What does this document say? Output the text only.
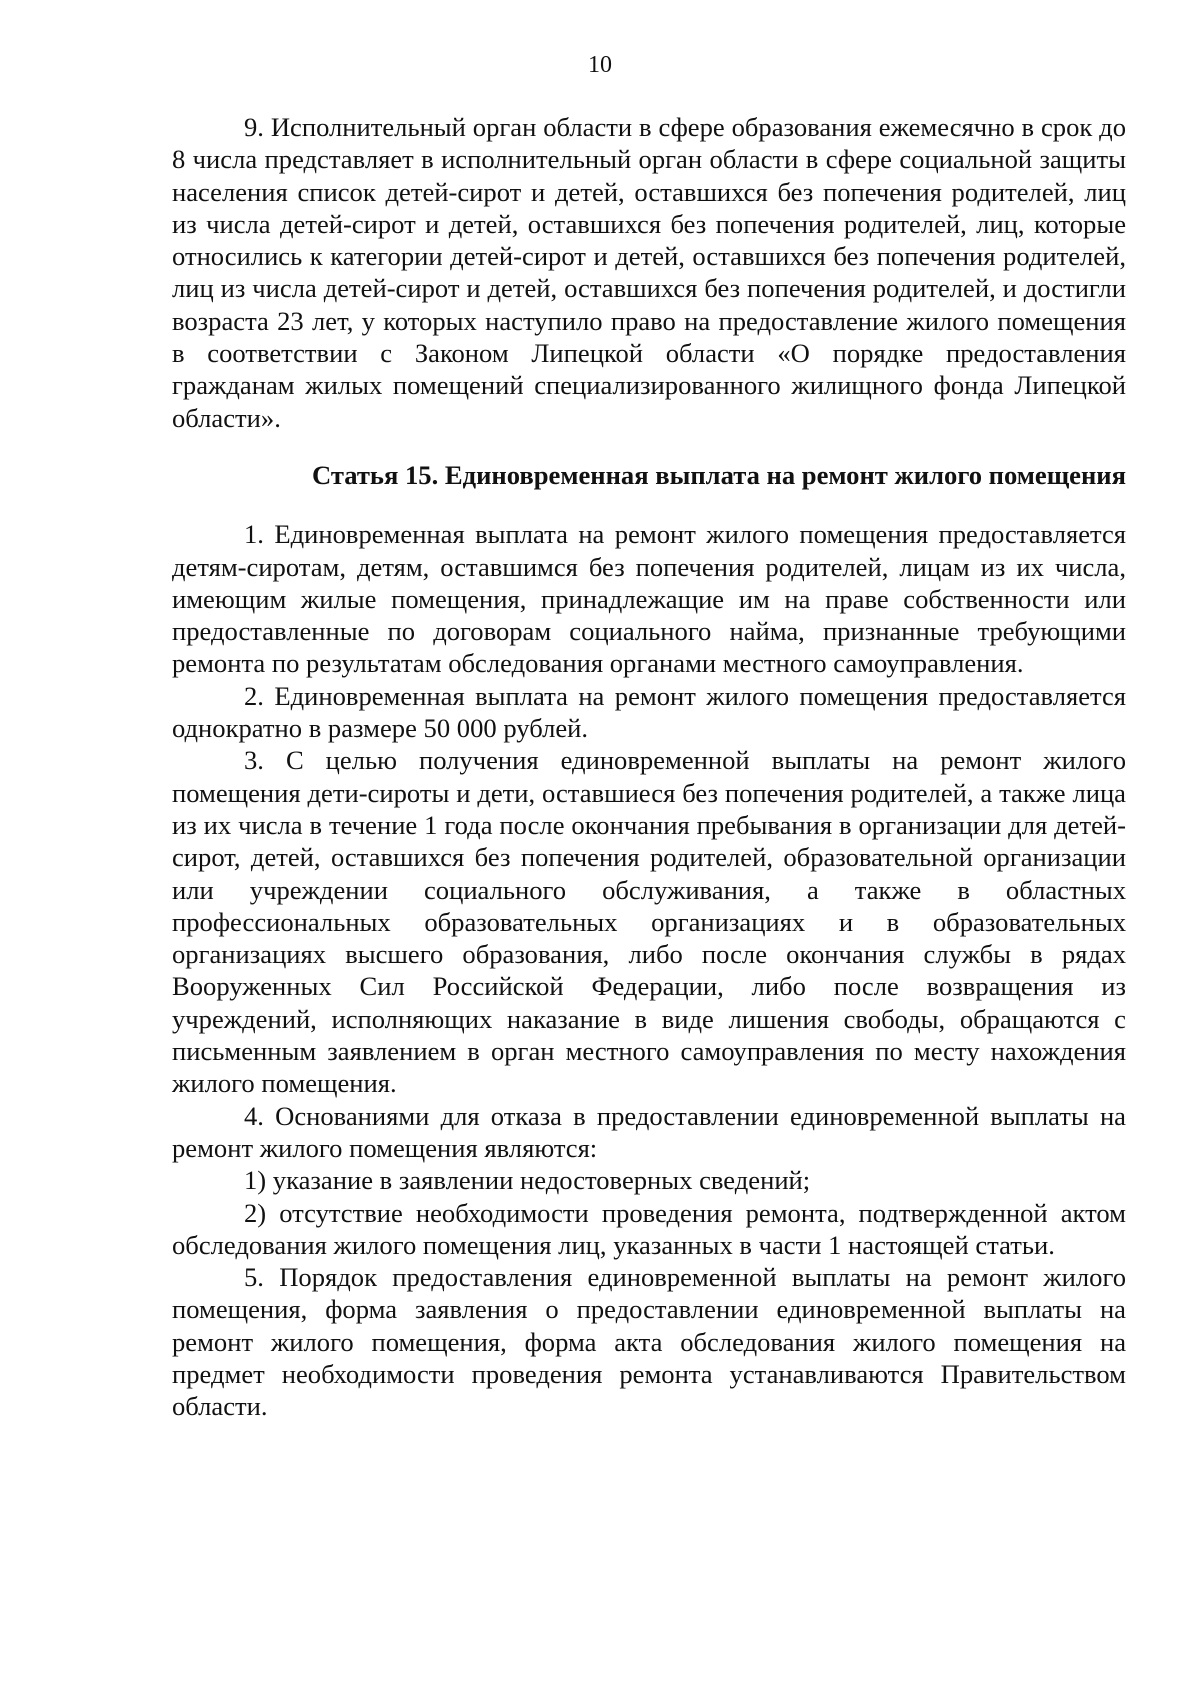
10

9. Исполнительный орган области в сфере образования ежемесячно в срок до 8 числа представляет в исполнительный орган области в сфере социальной защиты населения список детей-сирот и детей, оставшихся без попечения родителей, лиц из числа детей-сирот и детей, оставшихся без попечения родителей, лиц, которые относились к категории детей-сирот и детей, оставшихся без попечения родителей, лиц из числа детей-сирот и детей, оставшихся без попечения родителей, и достигли возраста 23 лет, у которых наступило право на предоставление жилого помещения в соответствии с Законом Липецкой области «О порядке предоставления гражданам жилых помещений специализированного жилищного фонда Липецкой области».

Статья 15. Единовременная выплата на ремонт жилого помещения

1. Единовременная выплата на ремонт жилого помещения предоставляется детям-сиротам, детям, оставшимся без попечения родителей, лицам из их числа, имеющим жилые помещения, принадлежащие им на праве собственности или предоставленные по договорам социального найма, признанные требующими ремонта по результатам обследования органами местного самоуправления.

2. Единовременная выплата на ремонт жилого помещения предоставляется однократно в размере 50 000 рублей.

3. С целью получения единовременной выплаты на ремонт жилого помещения дети-сироты и дети, оставшиеся без попечения родителей, а также лица из их числа в течение 1 года после окончания пребывания в организации для детей-сирот, детей, оставшихся без попечения родителей, образовательной организации или учреждении социального обслуживания, а также в областных профессиональных образовательных организациях и в образовательных организациях высшего образования, либо после окончания службы в рядах Вооруженных Сил Российской Федерации, либо после возвращения из учреждений, исполняющих наказание в виде лишения свободы, обращаются с письменным заявлением в орган местного самоуправления по месту нахождения жилого помещения.

4. Основаниями для отказа в предоставлении единовременной выплаты на ремонт жилого помещения являются:

1) указание в заявлении недостоверных сведений;

2) отсутствие необходимости проведения ремонта, подтвержденной актом обследования жилого помещения лиц, указанных в части 1 настоящей статьи.

5. Порядок предоставления единовременной выплаты на ремонт жилого помещения, форма заявления о предоставлении единовременной выплаты на ремонт жилого помещения, форма акта обследования жилого помещения на предмет необходимости проведения ремонта устанавливаются Правительством области.
